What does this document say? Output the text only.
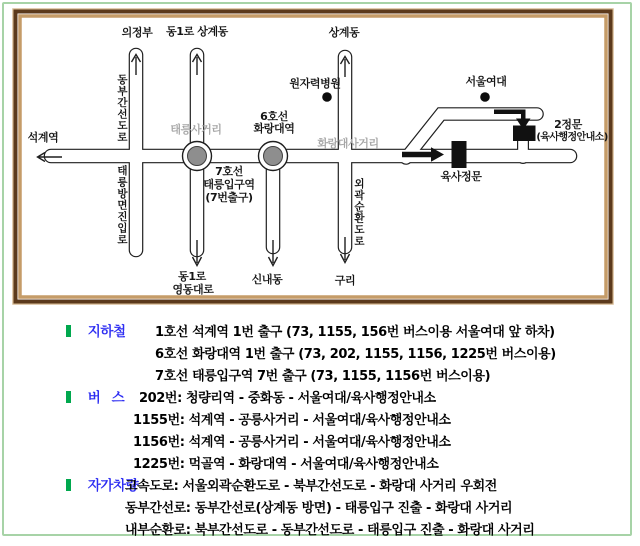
의정부 동1로 상계동	상계동
석계역
원자력병원	서울여대
6호선
화랑대역
태릉사거리
화랑대사거리
7호선
태릉입구역
(7번출구)
2정문
(육사행정안내소)
육사정문
동1로
영동대로
신내동	구리
동부간선도로
태릉방면진입로	외곽순환도로
지하철 1호선 석계역 1번 출구 (73, 1155, 156번 버스이용 서울여대 앞 하차)
6호선 화랑대역 1번 출구 (73, 202, 1155, 1156, 1225번 버스이용)
7호선 태릉입구역 7번 출구 (73, 1155, 1156번 버스이용)
버 스 202번: 청량리역 - 중화동 - 서울여대/육사행정안내소
1155번: 석계역 - 공릉사거리 - 서울여대/육사행정안내소
1156번: 석계역 - 공릉사거리 - 서울여대/육사행정안내소
1225번: 먹골역 - 화랑대역 - 서울여대/육사행정안내소
자가차량
고속도로: 서울외곽순환도로 - 북부간선도로 - 화랑대 사거리 우회전
동부간선로: 동부간선로(상계동 방면) - 태릉입구 진출 - 화랑대 사거리
내부순환로: 북부간선도로 - 동부간선도로 - 태릉입구 진출 - 화랑대 사거리
